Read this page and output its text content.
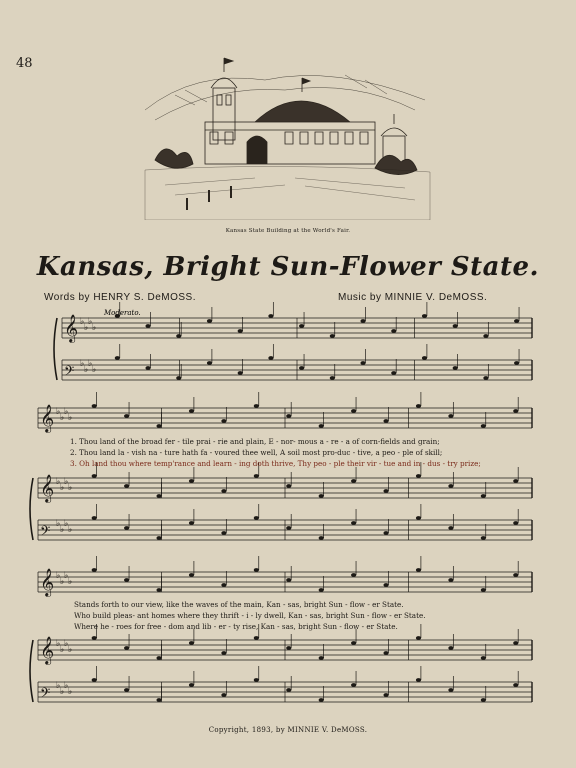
48
Kansas State Building at the World's Fair.
Kansas, Bright Sun-Flower State.
Words by HENRY S. DeMOSS.	Music by MINNIE V. DeMOSS.
𝄞 ♭
♭
♭
♭
𝄢 ♭
♭
♭
♭
𝄞 ♭
♭
♭
♭
𝄞 ♭
♭
♭
♭
𝄢 ♭
♭
♭
♭
𝄞 ♭
♭
♭
♭
𝄞 ♭
♭
♭
♭
𝄢 ♭
♭
♭
♭
Moderato.
1. Thou land of the broad fer - tile prai - rie and plain, E - nor- mous a - re - a of corn-fields and grain;
2. Thou land la - vish na - ture hath fa - voured thee well, A soil most pro-duc - tive, a peo - ple of skill;
3. Oh land thou where temp'rance and learn - ing doth thrive, Thy peo - ple their vir - tue and in - dus - try prize;
Stands forth to our view, like the waves of the main, Kan - sas, bright Sun - flow - er State.
Who build pleas- ant homes where they thrift - i - ly dwell, Kan - sas, bright Sun - flow - er State.
Where he - roes for free - dom and lib - er - ty rise, Kan - sas, bright Sun - flow - er State.
Copyright, 1893, by MINNIE V. DeMOSS.
